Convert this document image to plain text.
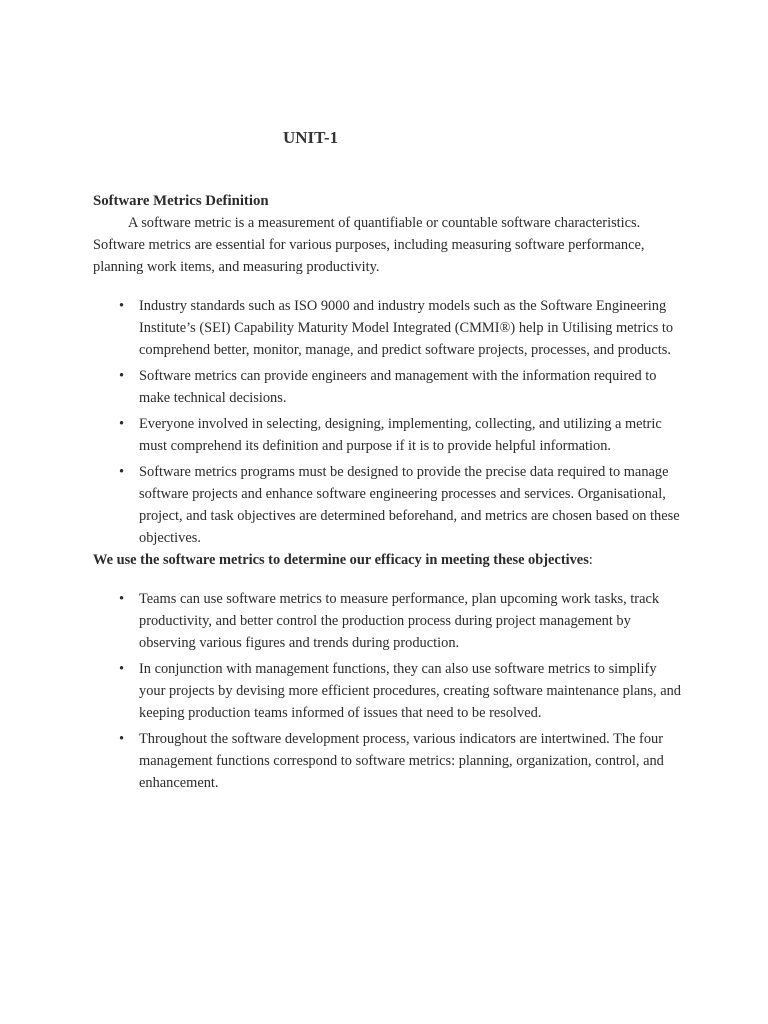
UNIT-1

Software Metrics Definition

A software metric is a measurement of quantifiable or countable software characteristics. Software metrics are essential for various purposes, including measuring software performance, planning work items, and measuring productivity.

• Industry standards such as ISO 9000 and industry models such as the Software Engineering Institute’s (SEI) Capability Maturity Model Integrated (CMMI®) help in Utilising metrics to comprehend better, monitor, manage, and predict software projects, processes, and products.
• Software metrics can provide engineers and management with the information required to make technical decisions.
• Everyone involved in selecting, designing, implementing, collecting, and utilizing a metric must comprehend its definition and purpose if it is to provide helpful information.
• Software metrics programs must be designed to provide the precise data required to manage software projects and enhance software engineering processes and services. Organisational, project, and task objectives are determined beforehand, and metrics are chosen based on these objectives.

We use the software metrics to determine our efficacy in meeting these objectives:

• Teams can use software metrics to measure performance, plan upcoming work tasks, track productivity, and better control the production process during project management by observing various figures and trends during production.
• In conjunction with management functions, they can also use software metrics to simplify your projects by devising more efficient procedures, creating software maintenance plans, and keeping production teams informed of issues that need to be resolved.
• Throughout the software development process, various indicators are intertwined. The four management functions correspond to software metrics: planning, organization, control, and enhancement.
